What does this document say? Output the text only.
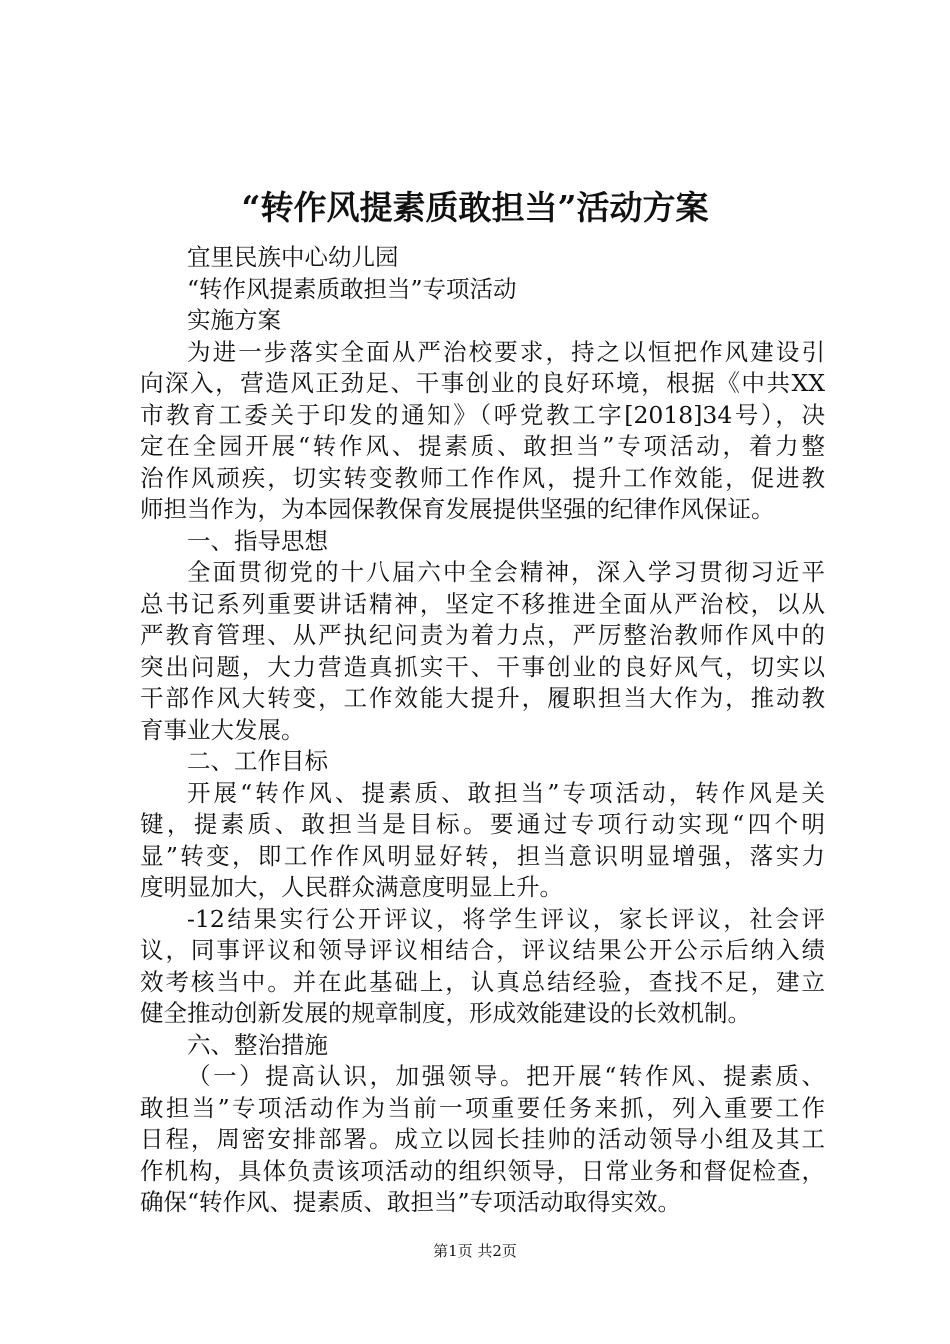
“转作风提素质敢担当”活动方案
宜里民族中心幼儿园
“转作风提素质敢担当”专项活动
实施方案
为进一步落实全面从严治校要求，持之以恒把作风建设引
向深入，营造风正劲足、干事创业的良好环境，根据《中共XX
市教育工委关于印发的通知》（呼党教工字[2018]34号），决
定在全园开展“转作风、提素质、敢担当”专项活动，着力整
治作风顽疾，切实转变教师工作作风，提升工作效能，促进教
师担当作为，为本园保教保育发展提供坚强的纪律作风保证。
一、指导思想
全面贯彻党的十八届六中全会精神，深入学习贯彻习近平
总书记系列重要讲话精神，坚定不移推进全面从严治校，以从
严教育管理、从严执纪问责为着力点，严厉整治教师作风中的
突出问题，大力营造真抓实干、干事创业的良好风气，切实以
干部作风大转变，工作效能大提升，履职担当大作为，推动教
育事业大发展。
二、工作目标
开展“转作风、提素质、敢担当”专项活动，转作风是关
键，提素质、敢担当是目标。要通过专项行动实现“四个明
显”转变，即工作作风明显好转，担当意识明显增强，落实力
度明显加大，人民群众满意度明显上升。
-12结果实行公开评议，将学生评议，家长评议，社会评
议，同事评议和领导评议相结合，评议结果公开公示后纳入绩
效考核当中。并在此基础上，认真总结经验，查找不足，建立
健全推动创新发展的规章制度，形成效能建设的长效机制。
六、整治措施
（一）提高认识，加强领导。把开展“转作风、提素质、
敢担当”专项活动作为当前一项重要任务来抓，列入重要工作
日程，周密安排部署。成立以园长挂帅的活动领导小组及其工
作机构，具体负责该项活动的组织领导，日常业务和督促检查，
确保“转作风、提素质、敢担当”专项活动取得实效。
第1页 共2页
